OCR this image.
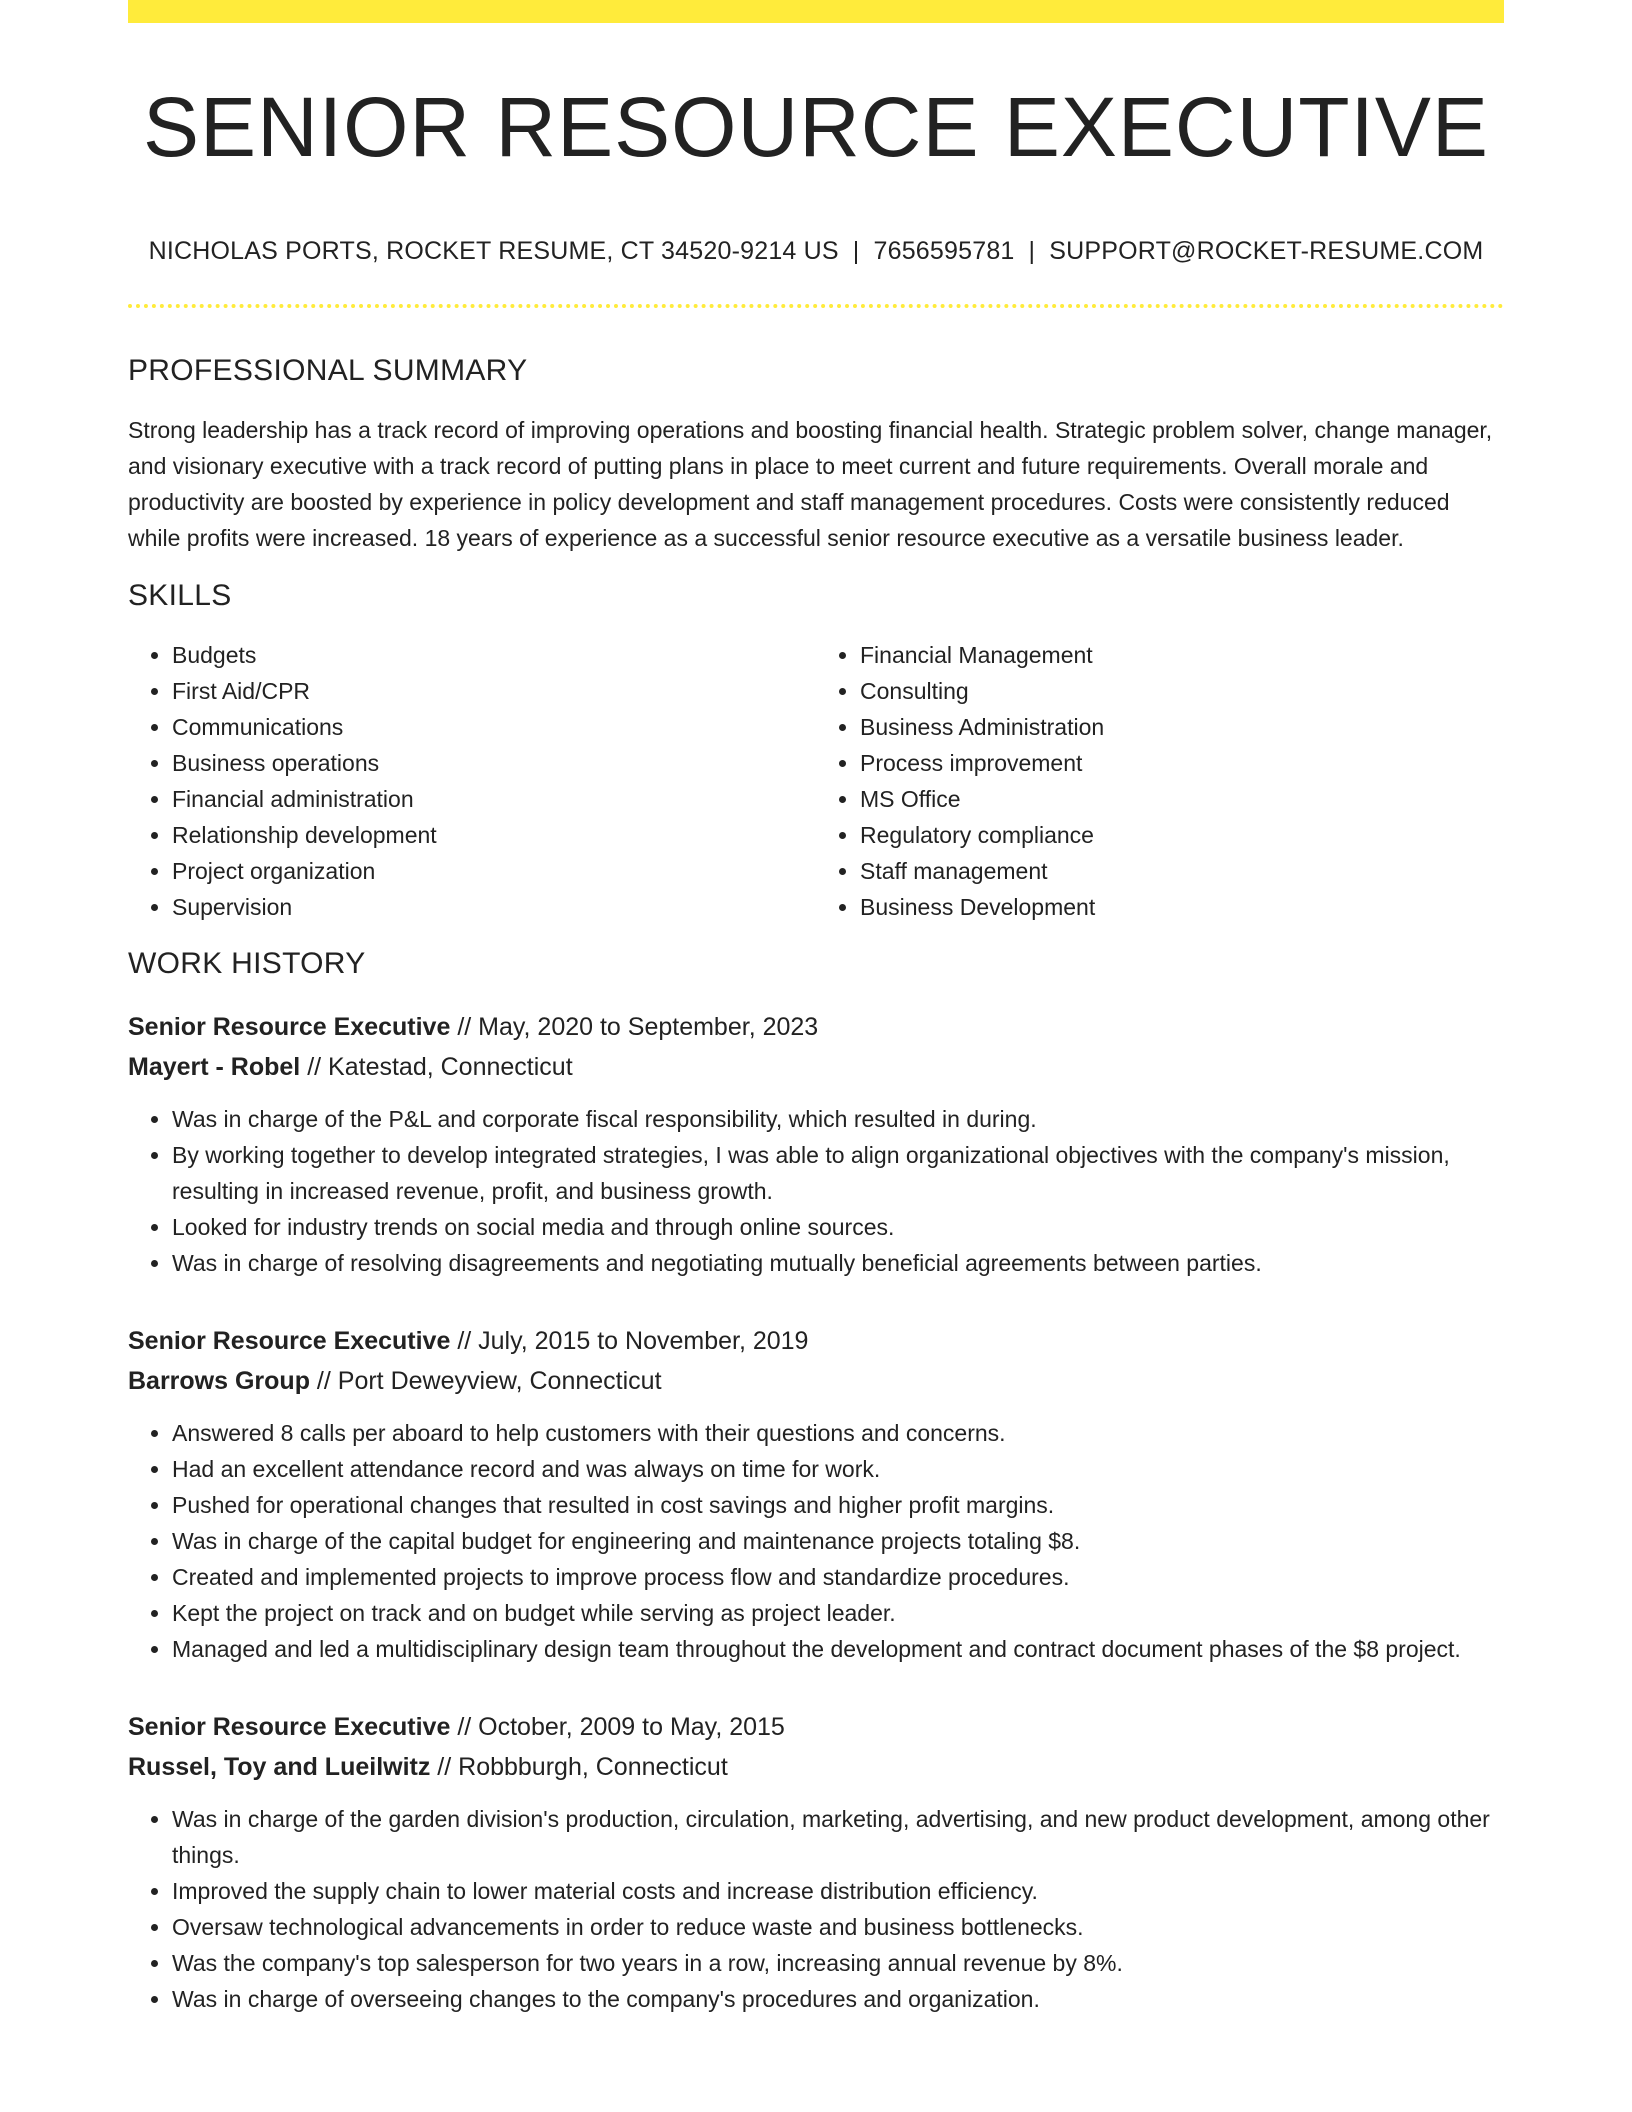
SENIOR RESOURCE EXECUTIVE
NICHOLAS PORTS, ROCKET RESUME, CT 34520-9214 US | 7656595781 | SUPPORT@ROCKET-RESUME.COM
PROFESSIONAL SUMMARY

Strong leadership has a track record of improving operations and boosting financial health. Strategic problem solver, change manager, and visionary executive with a track record of putting plans in place to meet current and future requirements. Overall morale and productivity are boosted by experience in policy development and staff management procedures. Costs were consistently reduced while profits were increased. 18 years of experience as a successful senior resource executive as a versatile business leader.

SKILLS
• Budgets
• First Aid/CPR
• Communications
• Business operations
• Financial administration
• Relationship development
• Project organization
• Supervision
• Financial Management
• Consulting
• Business Administration
• Process improvement
• MS Office
• Regulatory compliance
• Staff management
• Business Development
WORK HISTORY
Senior Resource Executive // May, 2020 to September, 2023
Mayert - Robel // Katestad, Connecticut
• Was in charge of the P&L and corporate fiscal responsibility, which resulted in during.
• By working together to develop integrated strategies, I was able to align organizational objectives with the company's mission, resulting in increased revenue, profit, and business growth.
• Looked for industry trends on social media and through online sources.
• Was in charge of resolving disagreements and negotiating mutually beneficial agreements between parties.
Senior Resource Executive // July, 2015 to November, 2019
Barrows Group // Port Deweyview, Connecticut
• Answered 8 calls per aboard to help customers with their questions and concerns.
• Had an excellent attendance record and was always on time for work.
• Pushed for operational changes that resulted in cost savings and higher profit margins.
• Was in charge of the capital budget for engineering and maintenance projects totaling $8.
• Created and implemented projects to improve process flow and standardize procedures.
• Kept the project on track and on budget while serving as project leader.
• Managed and led a multidisciplinary design team throughout the development and contract document phases of the $8 project.
Senior Resource Executive // October, 2009 to May, 2015
Russel, Toy and Lueilwitz // Robbburgh, Connecticut
• Was in charge of the garden division's production, circulation, marketing, advertising, and new product development, among other things.
• Improved the supply chain to lower material costs and increase distribution efficiency.
• Oversaw technological advancements in order to reduce waste and business bottlenecks.
• Was the company's top salesperson for two years in a row, increasing annual revenue by 8%.
• Was in charge of overseeing changes to the company's procedures and organization.
